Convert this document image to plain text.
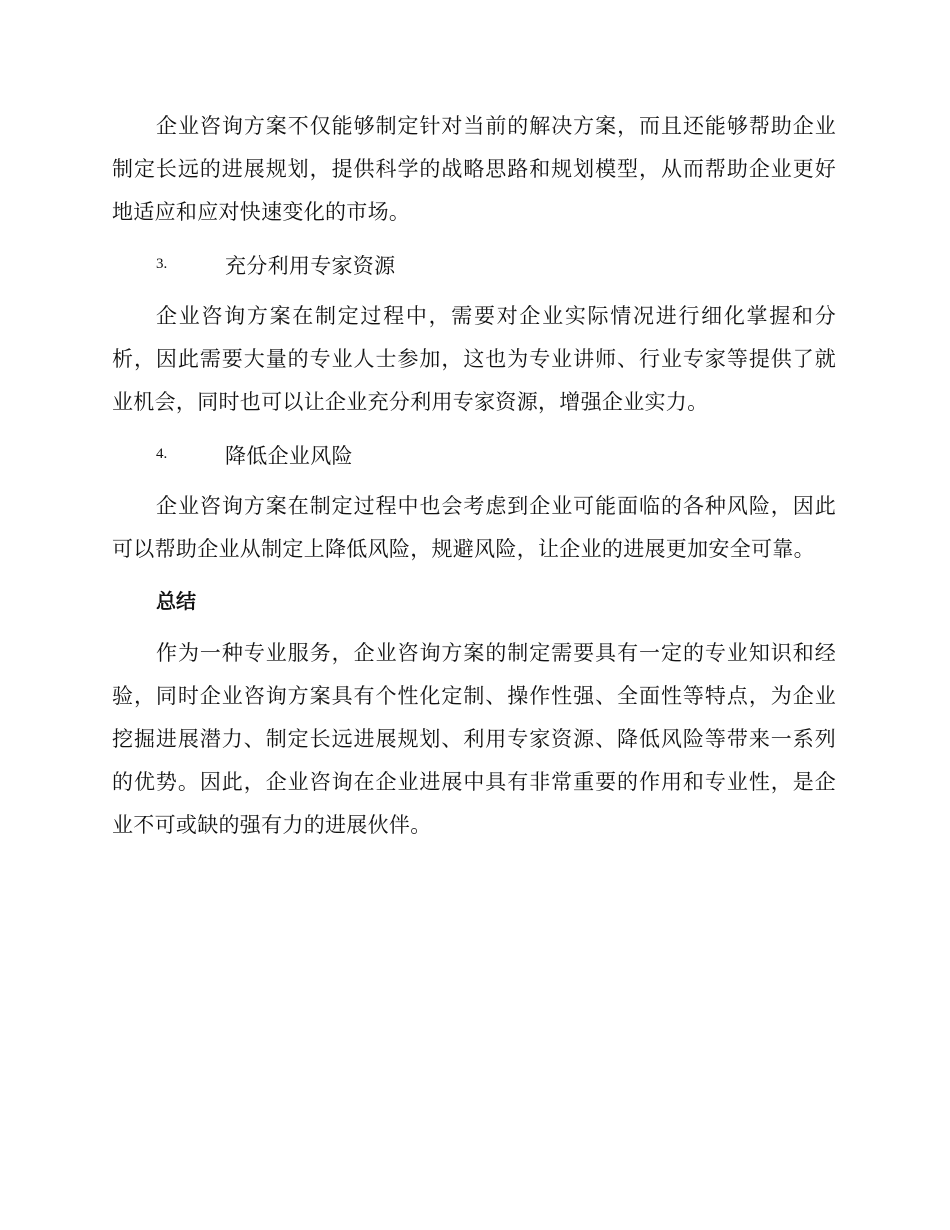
企业咨询方案不仅能够制定针对当前的解决方案，而且还能够帮助企业制定长远的进展规划，提供科学的战略思路和规划模型，从而帮助企业更好地适应和应对快速变化的市场。

3.	充分利用专家资源

企业咨询方案在制定过程中，需要对企业实际情况进行细化掌握和分析，因此需要大量的专业人士参加，这也为专业讲师、行业专家等提供了就业机会，同时也可以让企业充分利用专家资源，增强企业实力。

4.	降低企业风险

企业咨询方案在制定过程中也会考虑到企业可能面临的各种风险，因此可以帮助企业从制定上降低风险，规避风险，让企业的进展更加安全可靠。

总结

作为一种专业服务，企业咨询方案的制定需要具有一定的专业知识和经验，同时企业咨询方案具有个性化定制、操作性强、全面性等特点，为企业挖掘进展潜力、制定长远进展规划、利用专家资源、降低风险等带来一系列的优势。因此，企业咨询在企业进展中具有非常重要的作用和专业性，是企业不可或缺的强有力的进展伙伴。
